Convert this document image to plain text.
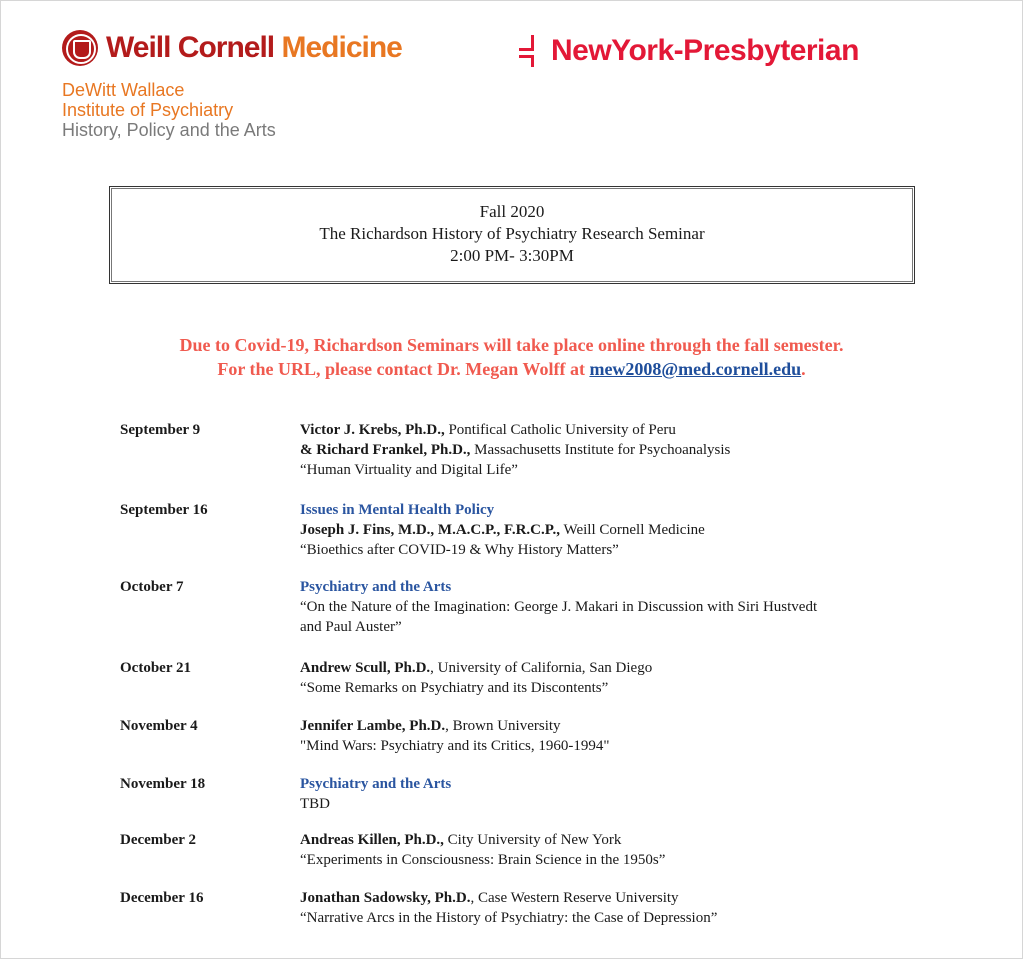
Weill Cornell Medicine	NewYork-Presbyterian
DeWitt Wallace
Institute of Psychiatry
History, Policy and the Arts
Fall 2020
The Richardson History of Psychiatry Research Seminar
2:00 PM- 3:30PM
Due to Covid-19, Richardson Seminars will take place online through the fall semester.
For the URL, please contact Dr. Megan Wolff at mew2008@med.cornell.edu.
September 9	Victor J. Krebs, Ph.D., Pontifical Catholic University of Peru
& Richard Frankel, Ph.D., Massachusetts Institute for Psychoanalysis
“Human Virtuality and Digital Life”
September 16	Issues in Mental Health Policy
Joseph J. Fins, M.D., M.A.C.P., F.R.C.P., Weill Cornell Medicine
“Bioethics after COVID-19 & Why History Matters”
October 7	Psychiatry and the Arts
“On the Nature of the Imagination: George J. Makari in Discussion with Siri Hustvedt
and Paul Auster”
October 21	Andrew Scull, Ph.D., University of California, San Diego
“Some Remarks on Psychiatry and its Discontents”
November 4	Jennifer Lambe, Ph.D., Brown University
"Mind Wars: Psychiatry and its Critics, 1960-1994"
November 18	Psychiatry and the Arts
TBD
December 2	Andreas Killen, Ph.D., City University of New York
“Experiments in Consciousness: Brain Science in the 1950s”
December 16	Jonathan Sadowsky, Ph.D., Case Western Reserve University
“Narrative Arcs in the History of Psychiatry: the Case of Depression”
